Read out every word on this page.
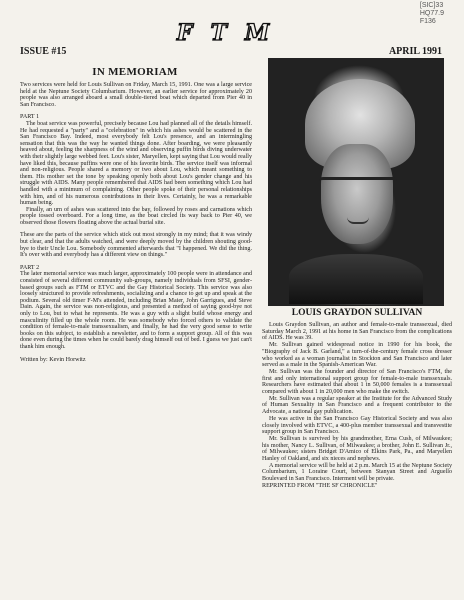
[SIC]33
HQ77.9
F136
FTM
ISSUE #15	APRIL 1991
IN MEMORIAM

Two services were held for Louis Sullivan on Friday, March 15, 1991. One was a large service held at the Neptune Society Columbarium. However, an earlier service for approximately 20 people was also arranged aboard a small double-tiered boat which departed from Pier 40 in San Francisco.

PART 1

The boat service was powerful, precisely because Lou had planned all of the details himself. He had requested a "party" and a "celebration" in which his ashes would be scattered in the San Francisco Bay. Indeed, most everybody felt Lou's presence, and an intermingling sensation that this was the way he wanted things done. After boarding, we were pleasantly heaved about, feeling the sharpness of the wind and observing puffin birds diving underwater with their slightly large webbed feet. Lou's sister, Maryellen, kept saying that Lou would really have liked this, because puffins were one of his favorite birds. The service itself was informal and non-religious. People shared a memory or two about Lou, which meant something to them. His mother set the tone by speaking openly both about Lou's gender change and his struggle with AIDS. Many people remembered that AIDS had been something which Lou had handled with a minimum of complaining. Other people spoke of their personal relationships with him, and of his numerous contributions in their lives. Certainly, he was a remarkable human being.

Finally, an urn of ashes was scattered into the bay, followed by roses and carnations which people tossed overboard. For a long time, as the boat circled its way back to Pier 40, we observed those flowers floating above the actual burial site.

These are the parts of the service which stick out most strongly in my mind; that it was windy but clear, and that the adults watched, and were deeply moved by the children shouting good-bye to their Uncle Lou. Somebody commented afterwards that "I happened. We did the thing. It's over with and everybody has a different view on things."

PART 2

The later memorial service was much larger, approximately 100 people were in attendance and consisted of several different community sub-groups, namely individuals from SFSI, gender-based groups such as FTM or ETVC and the Gay Historical Society. This service was also loosely structured to provide refreshments, socializing and a chance to get up and speak at the podium. Several old timer F-M's attended, including Brian Maier, John Garrigues, and Steve Dain. Again, the service was non-religious, and presented a method of saying good-bye not only to Lou, but to what he represents. He was a guy with a slight build whose energy and masculinity filled up the whole room. He was somebody who forced others to validate the condition of female-to-male transsexualism, and finally, he had the very good sense to write books on this subject, to establish a newsletter, and to form a support group. All of this was done even during the times when he could barely drag himself out of bed. I guess we just can't thank him enough.

Written by: Kevin Horwitz

LOUIS GRAYDON SULLIVAN

Louis Graydon Sullivan, an author and female-to-male transsexual, died Saturday March 2, 1991 at his home in San Francisco from the complications of AIDS. He was 39.

Mr. Sullivan gained widespread notice in 1990 for his book, the "Biography of Jack B. Garland," a turn-of-the-century female cross dresser who worked as a woman journalist in Stockton and San Francisco and later served as a male in the Spanish-American War.

Mr. Sullivan was the founder and director of San Francisco's FTM, the first and only international support group for female-to-male transsexuals. Researchers have estimated that about 1 in 50,000 females is a transsexual compared with about 1 in 20,000 men who make the switch.

Mr. Sullivan was a regular speaker at the Institute for the Advanced Study of Human Sexuality in San Francisco and a frequent contributor to the Advocate, a national gay publication.

He was active in the San Francisco Gay Historical Society and was also closely involved with ETVC, a 400-plus member transsexual and transvestite support group in San Francisco.

Mr. Sullivan is survived by his grandmother, Erna Cush, of Milwaukee; his mother, Nancy L. Sullivan, of Milwaukee; a brother, John E. Sullivan Jr., of Milwaukee; sisters Bridget D'Amico of Elkins Park, Pa., and Maryellen Hanley of Oakland, and six nieces and nephews.

A memorial service will be held at 2 p.m. March 15 at the Neptune Society Columbarium, 1 Loraine Court, between Stanyan Street and Arguello Boulevard in San Francisco. Interment will be private.

REPRINTED FROM "THE SF CHRONICLE"
